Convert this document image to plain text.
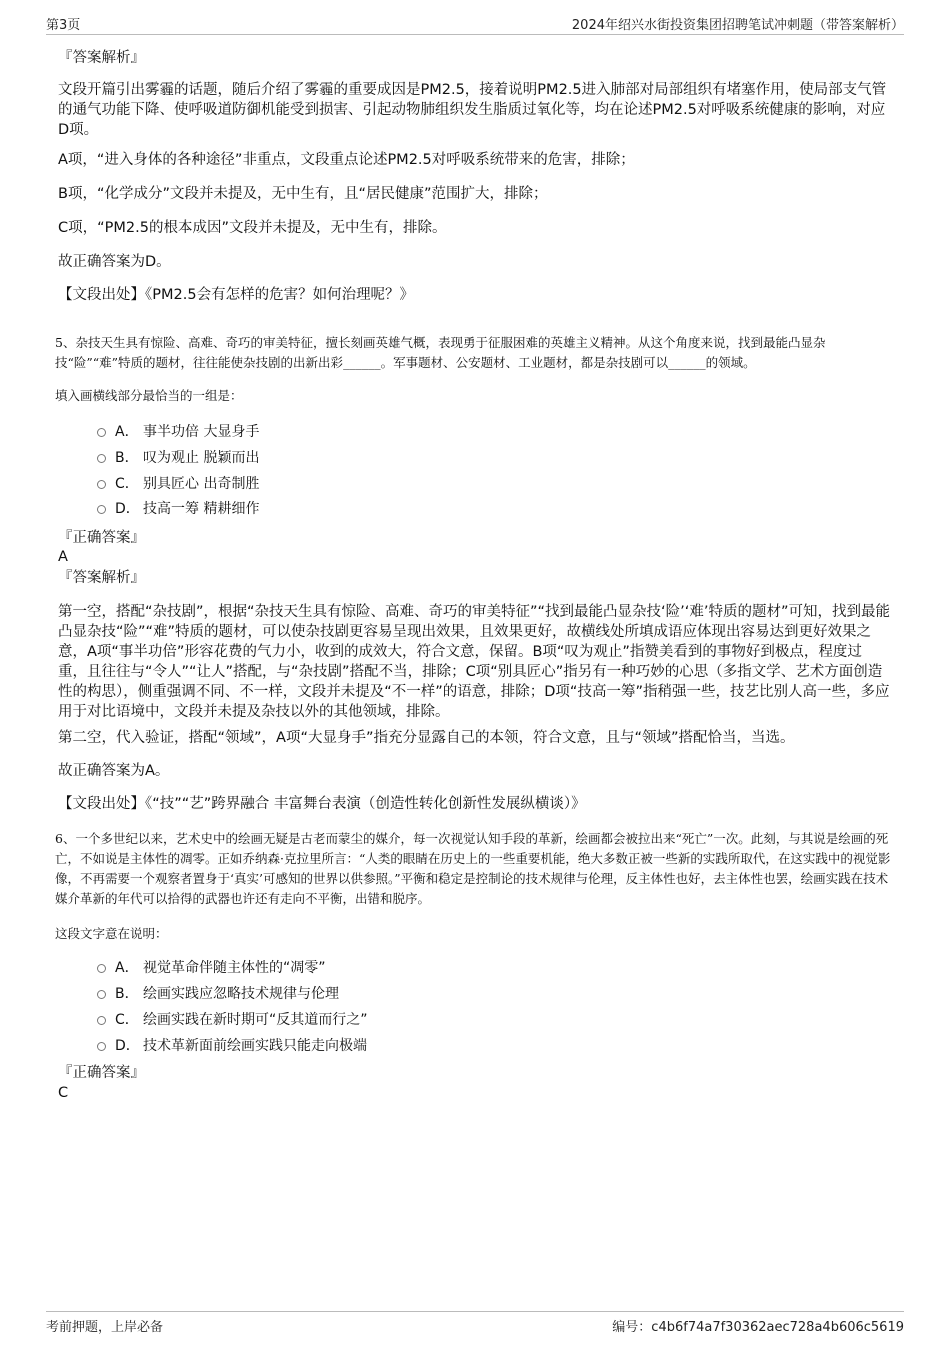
第3页	2024年绍兴水街投资集团招聘笔试冲刺题（带答案解析）

『答案解析』

文段开篇引出雾霾的话题，随后介绍了雾霾的重要成因是PM2.5，接着说明PM2.5进入肺部对局部组织有堵塞作用，使局部支气管的通气功能下降、使呼吸道防御机能受到损害、引起动物肺组织发生脂质过氧化等，均在论述PM2.5对呼吸系统健康的影响，对应D项。

A项，“进入身体的各种途径”非重点，文段重点论述PM2.5对呼吸系统带来的危害，排除；

B项，“化学成分”文段并未提及，无中生有，且“居民健康”范围扩大，排除；

C项，“PM2.5的根本成因”文段并未提及，无中生有，排除。

故正确答案为D。

【文段出处】《PM2.5会有怎样的危害？如何治理呢？》

5、杂技天生具有惊险、高难、奇巧的审美特征，擅长刻画英雄气概，表现勇于征服困难的英雄主义精神。从这个角度来说，找到最能凸显杂技“险”“难”特质的题材，往往能使杂技剧的出新出彩______。军事题材、公安题材、工业题材，都是杂技剧可以______的领域。

填入画横线部分最恰当的一组是：

A． 事半功倍 大显身手
B． 叹为观止 脱颖而出
C． 别具匠心 出奇制胜
D． 技高一筹 精耕细作

『正确答案』

A

『答案解析』

第一空，搭配“杂技剧”，根据“杂技天生具有惊险、高难、奇巧的审美特征”“找到最能凸显杂技‘险’‘难’特质的题材”可知，找到最能凸显杂技“险”“难”特质的题材，可以使杂技剧更容易呈现出效果，且效果更好，故横线处所填成语应体现出容易达到更好效果之意，A项“事半功倍”形容花费的气力小，收到的成效大，符合文意，保留。B项“叹为观止”指赞美看到的事物好到极点，程度过重，且往往与“令人”“让人”搭配，与“杂技剧”搭配不当，排除；C项“别具匠心”指另有一种巧妙的心思（多指文学、艺术方面创造性的构思），侧重强调不同、不一样，文段并未提及“不一样”的语意，排除；D项“技高一筹”指稍强一些，技艺比别人高一些，多应用于对比语境中，文段并未提及杂技以外的其他领域，排除。

第二空，代入验证，搭配“领域”，A项“大显身手”指充分显露自己的本领，符合文意，且与“领域”搭配恰当，当选。

故正确答案为A。

【文段出处】《“技”“艺”跨界融合 丰富舞台表演（创造性转化创新性发展纵横谈）》

6、一个多世纪以来，艺术史中的绘画无疑是古老而蒙尘的媒介，每一次视觉认知手段的革新，绘画都会被拉出来“死亡”一次。此刻，与其说是绘画的死亡，不如说是主体性的凋零。正如乔纳森·克拉里所言：“人类的眼睛在历史上的一些重要机能，绝大多数正被一些新的实践所取代，在这实践中的视觉影像，不再需要一个观察者置身于‘真实’可感知的世界以供参照。”平衡和稳定是控制论的技术规律与伦理，反主体性也好，去主体性也罢，绘画实践在技术媒介革新的年代可以拾得的武器也许还有走向不平衡，出错和脱序。

这段文字意在说明：

A． 视觉革命伴随主体性的“凋零”
B． 绘画实践应忽略技术规律与伦理
C． 绘画实践在新时期可“反其道而行之”
D． 技术革新面前绘画实践只能走向极端

『正确答案』

C

考前押题，上岸必备	编号：c4b6f74a7f30362aec728a4b606c5619
